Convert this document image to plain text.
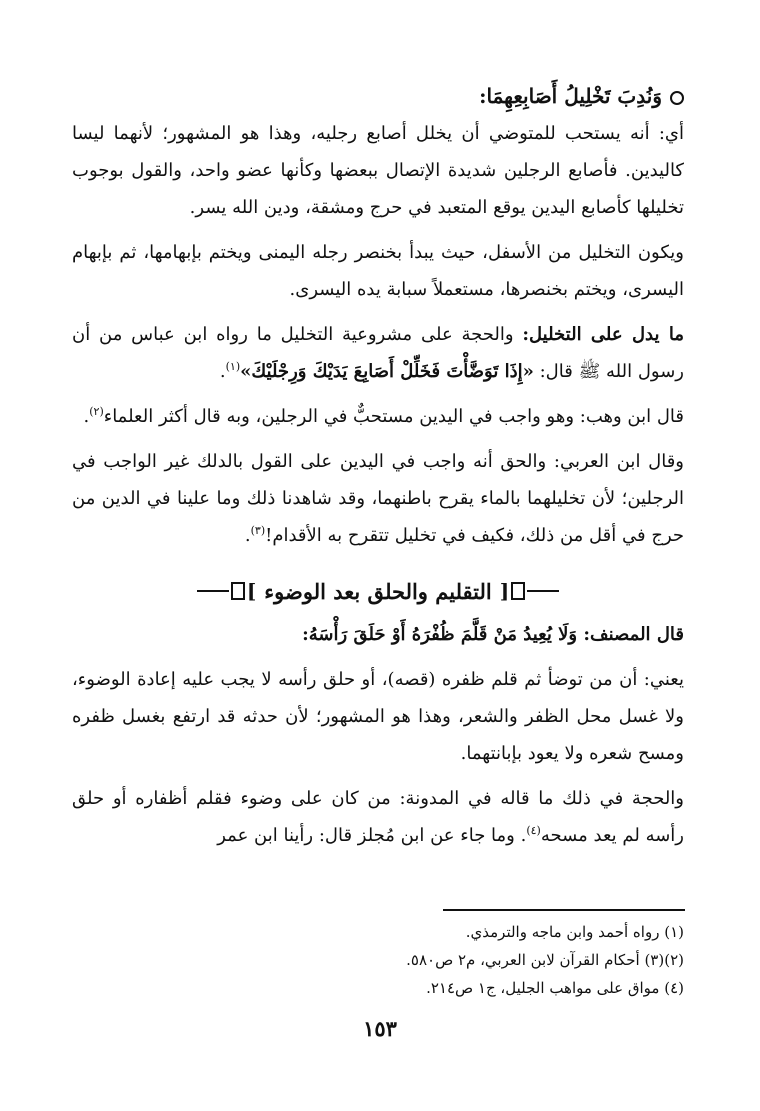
وَنُدِبَ تَخْلِيلُ أَصَابِعِهِمَا:

أي: أنه يستحب للمتوضي أن يخلل أصابع رجليه، وهذا هو المشهور؛ لأنهما ليسا كاليدين. فأصابع الرجلين شديدة الإتصال ببعضها وكأنها عضو واحد، والقول بوجوب تخليلها كأصابع اليدين يوقع المتعبد في حرج ومشقة، ودين الله يسر.

ويكون التخليل من الأسفل، حيث يبدأ بخنصر رجله اليمنى ويختم بإبهامها، ثم بإبهام اليسرى، ويختم بخنصرها، مستعملاً سبابة يده اليسرى.

ما يدل على التخليل: والحجة على مشروعية التخليل ما رواه ابن عباس من أن رسول الله ﷺ قال: «إِذَا تَوَضَّأْتَ فَخَلِّلْ أَصَابِعَ يَدَيْكَ وَرِجْلَيْكَ»$^{(١)}$.

قال ابن وهب: وهو واجب في اليدين مستحبٌّ في الرجلين، وبه قال أكثر العلماء$^{(٢)}$.

وقال ابن العربي: والحق أنه واجب في اليدين على القول بالدلك غير الواجب في الرجلين؛ لأن تخليلهما بالماء يقرح باطنهما، وقد شاهدنا ذلك وما علينا في الدين من حرج في أقل من ذلك، فكيف في تخليل تتقرح به الأقدام!$^{(٣)}$.

[
التقليم والحلق بعد الوضوء
]

قال المصنف: وَلَا يُعِيدُ مَنْ قَلَّمَ ظُفْرَهُ أَوْ حَلَقَ رَأْسَهُ:

يعني: أن من توضأ ثم قلم ظفره (قصه)، أو حلق رأسه لا يجب عليه إعادة الوضوء، ولا غسل محل الظفر والشعر، وهذا هو المشهور؛ لأن حدثه قد ارتفع بغسل ظفره ومسح شعره ولا يعود بإبانتهما.

والحجة في ذلك ما قاله في المدونة: من كان على وضوء فقلم أظفاره أو حلق رأسه لم يعد مسحه$^{(٤)}$. وما جاء عن ابن مُجلز قال: رأينا ابن عمر

(١) رواه أحمد وابن ماجه والترمذي.

(٢)(٣) أحكام القرآن لابن العربي، م٢ ص٥٨٠.

(٤) مواق على مواهب الجليل، ج١ ص٢١٤.

١٥٣
